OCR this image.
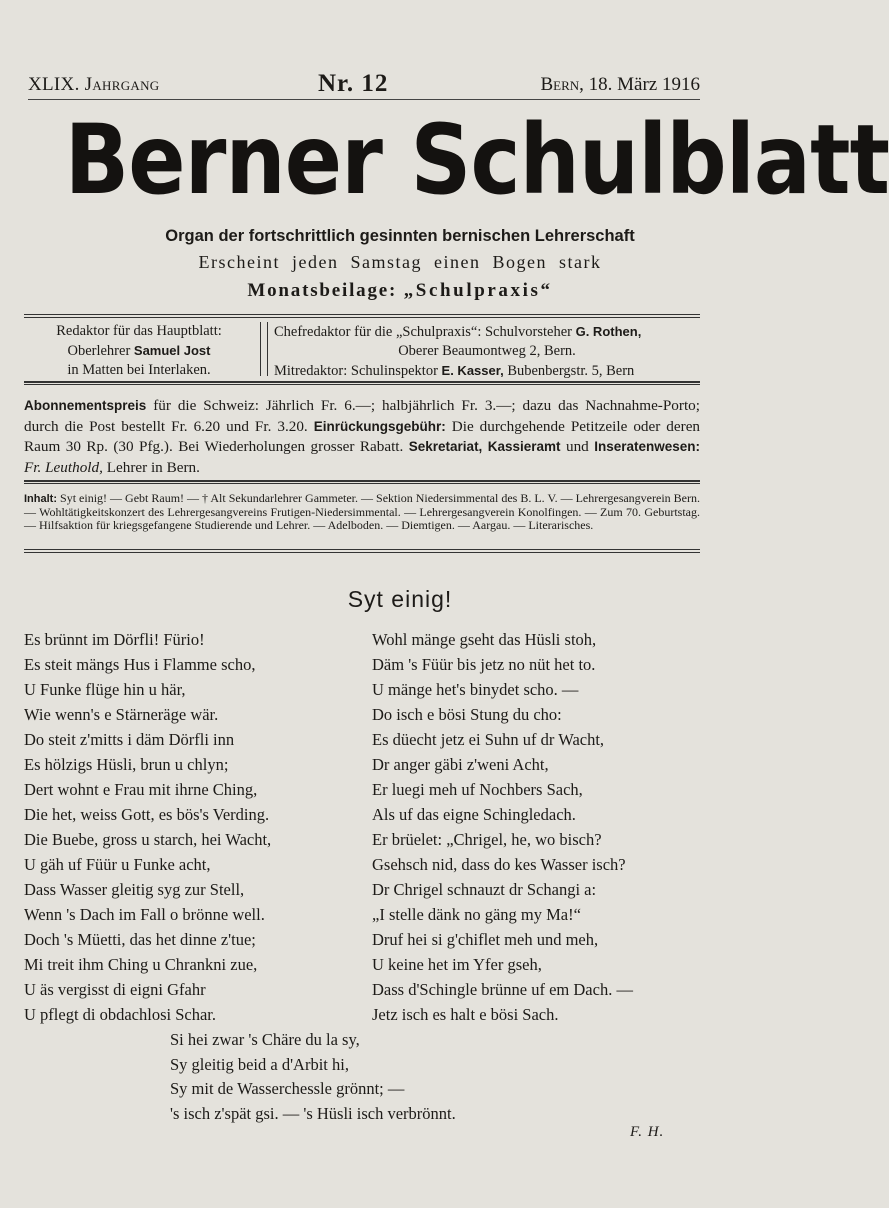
XLIX. Jahrgang	Nr. 12	Bern, 18. März 1916
Berner Schulblatt
Organ der fortschrittlich gesinnten bernischen Lehrerschaft
Erscheint jeden Samstag einen Bogen stark
Monatsbeilage: „Schulpraxis“
Redaktor für das Hauptblatt:
Oberlehrer Samuel Jost
in Matten bei Interlaken.
Chefredaktor für die „Schulpraxis“: Schulvorsteher G. Rothen,
Oberer Beaumontweg 2, Bern.
Mitredaktor: Schulinspektor E. Kasser, Bubenbergstr. 5, Bern
Abonnementspreis für die Schweiz: Jährlich Fr. 6.—; halbjährlich Fr. 3.—; dazu das Nachnahme-Porto; durch die Post bestellt Fr. 6.20 und Fr. 3.20. Einrückungsgebühr: Die durchgehende Petitzeile oder deren Raum 30 Rp. (30 Pfg.). Bei Wiederholungen grosser Rabatt. Sekretariat, Kassieramt und Inseratenwesen: Fr. Leuthold, Lehrer in Bern.
Inhalt: Syt einig! — Gebt Raum! — † Alt Sekundarlehrer Gammeter. — Sektion Niedersimmental des B. L. V. — Lehrergesangverein Bern. — Wohltätigkeitskonzert des Lehrergesangvereins Frutigen-Niedersimmental. — Lehrergesangverein Konolfingen. — Zum 70. Geburtstag. — Hilfsaktion für kriegsgefangene Studierende und Lehrer. — Adelboden. — Diemtigen. — Aargau. — Literarisches.
Syt einig!
Es brünnt im Dörfli! Fürio!
Es steit mängs Hus i Flamme scho,
U Funke flüge hin u här,
Wie wenn's e Stärneräge wär.
Do steit z'mitts i däm Dörfli inn
Es hölzigs Hüsli, brun u chlyn;
Dert wohnt e Frau mit ihrne Ching,
Die het, weiss Gott, es bös's Verding.
Die Buebe, gross u starch, hei Wacht,
U gäh uf Füür u Funke acht,
Dass Wasser gleitig syg zur Stell,
Wenn 's Dach im Fall o brönne well.
Doch 's Müetti, das het dinne z'tue;
Mi treit ihm Ching u Chrankni zue,
U äs vergisst di eigni Gfahr
U pflegt di obdachlosi Schar.
Wohl mänge gseht das Hüsli stoh,
Däm 's Füür bis jetz no nüt het to.
U mänge het's binydet scho. —
Do isch e bösi Stung du cho:
Es düecht jetz ei Suhn uf dr Wacht,
Dr anger gäbi z'weni Acht,
Er luegi meh uf Nochbers Sach,
Als uf das eigne Schingledach.
Er brüelet: „Chrigel, he, wo bisch?
Gsehsch nid, dass do kes Wasser isch?
Dr Chrigel schnauzt dr Schangi a:
„I stelle dänk no gäng my Ma!“
Druf hei si g'chiflet meh und meh,
U keine het im Yfer gseh,
Dass d'Schingle brünne uf em Dach. —
Jetz isch es halt e bösi Sach.
Si hei zwar 's Chäre du la sy,
Sy gleitig beid a d'Arbit hi,
Sy mit de Wasserchessle grönnt; —
's isch z'spät gsi. — 's Hüsli isch verbrönnt.
F. H.
